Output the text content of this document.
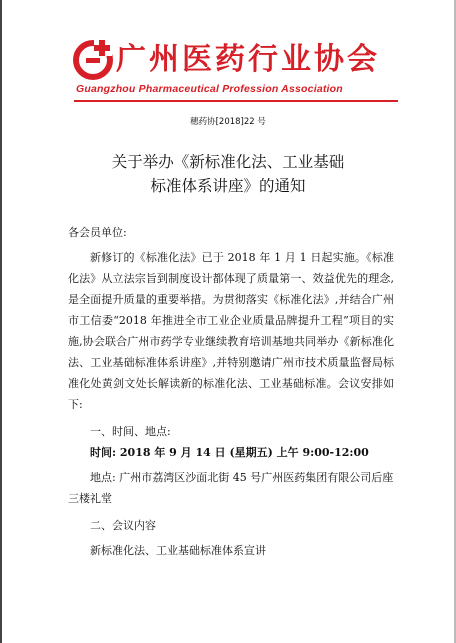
广州医药行业协会
Guangzhou Pharmaceutical Profession Association
穗药协[2018]22 号
关于举办《新标准化法、工业基础
标准体系讲座》的通知

各会员单位:

新修订的《标准化法》已于 2018 年 1 月 1 日起实施。《标准化法》从立法宗旨到制度设计都体现了质量第一、效益优先的理念,是全面提升质量的重要举措。为贯彻落实《标准化法》,并结合广州市工信委“2018 年推进全市工业企业质量品牌提升工程”项目的实施,协会联合广州市药学专业继续教育培训基地共同举办《新标准化法、工业基础标准体系讲座》,并特别邀请广州市技术质量监督局标准化处黄剑文处长解读新的标准化法、工业基础标准。会议安排如下:

一、时间、地点:

时间: 2018 年 9 月 14 日 (星期五) 上午 9:00-12:00

地点: 广州市荔湾区沙面北街 45 号广州医药集团有限公司后座三楼礼堂

二、会议内容

新标准化法、工业基础标准体系宣讲
